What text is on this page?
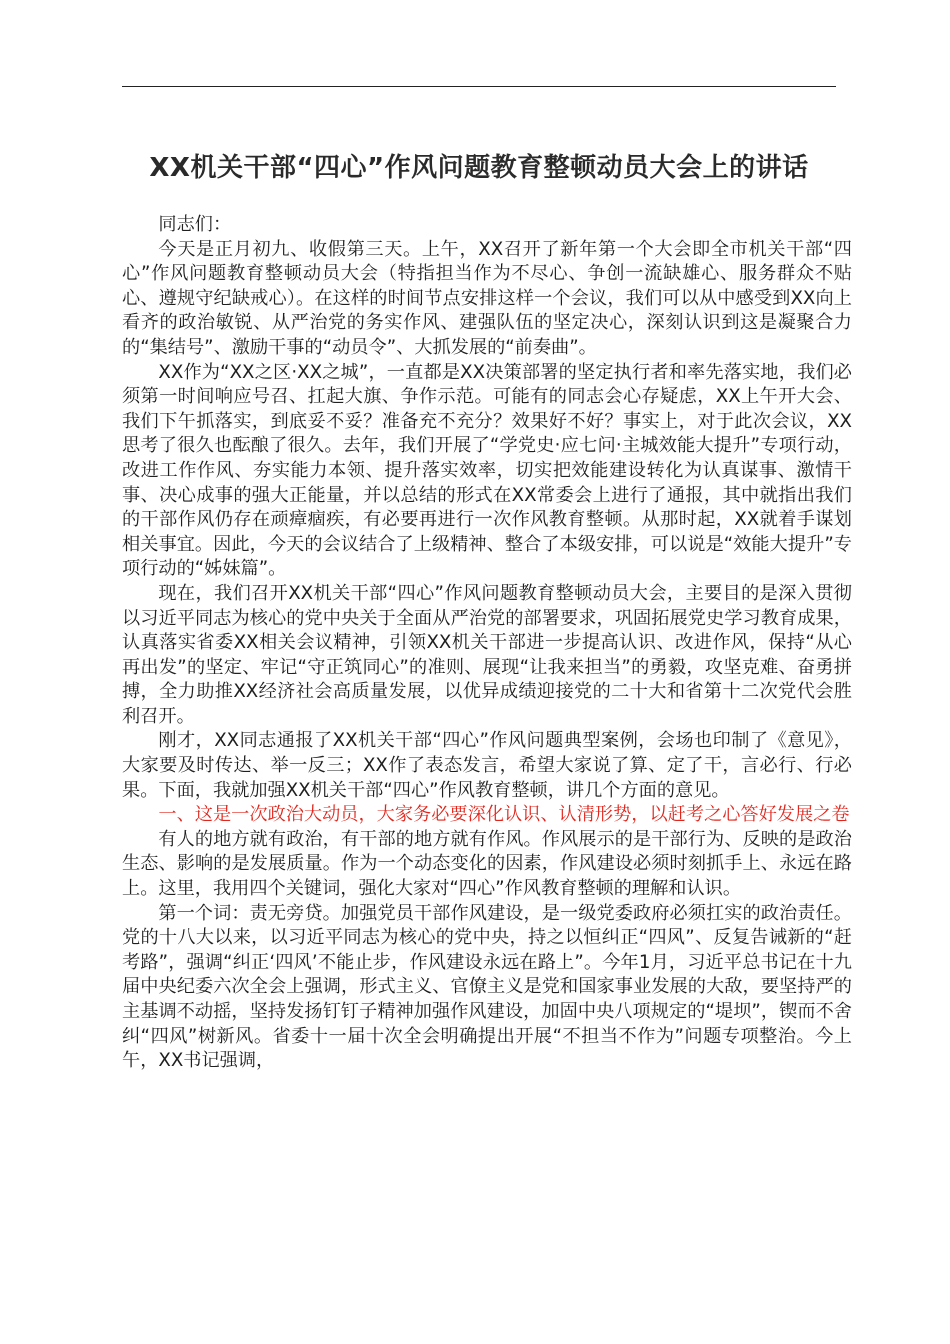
XX机关干部“四心”作风问题教育整顿动员大会上的讲话

同志们：

今天是正月初九、收假第三天。上午，XX召开了新年第一个大会即全市机关干部“四心”作风问题教育整顿动员大会（特指担当作为不尽心、争创一流缺雄心、服务群众不贴心、遵规守纪缺戒心）。在这样的时间节点安排这样一个会议，我们可以从中感受到XX向上看齐的政治敏锐、从严治党的务实作风、建强队伍的坚定决心，深刻认识到这是凝聚合力的“集结号”、激励干事的“动员令”、大抓发展的“前奏曲”。

XX作为“XX之区·XX之城”，一直都是XX决策部署的坚定执行者和率先落实地，我们必须第一时间响应号召、扛起大旗、争作示范。可能有的同志会心存疑虑，XX上午开大会、我们下午抓落实，到底妥不妥？准备充不充分？效果好不好？事实上，对于此次会议，XX思考了很久也酝酿了很久。去年，我们开展了“学党史·应七问·主城效能大提升”专项行动，改进工作作风、夯实能力本领、提升落实效率，切实把效能建设转化为认真谋事、激情干事、决心成事的强大正能量，并以总结的形式在XX常委会上进行了通报，其中就指出我们的干部作风仍存在顽瘴痼疾，有必要再进行一次作风教育整顿。从那时起，XX就着手谋划相关事宜。因此，今天的会议结合了上级精神、整合了本级安排，可以说是“效能大提升”专项行动的“姊妹篇”。

现在，我们召开XX机关干部“四心”作风问题教育整顿动员大会，主要目的是深入贯彻以习近平同志为核心的党中央关于全面从严治党的部署要求，巩固拓展党史学习教育成果，认真落实省委XX相关会议精神，引领XX机关干部进一步提高认识、改进作风，保持“从心再出发”的坚定、牢记“守正筑同心”的准则、展现“让我来担当”的勇毅，攻坚克难、奋勇拼搏，全力助推XX经济社会高质量发展，以优异成绩迎接党的二十大和省第十二次党代会胜利召开。

刚才，XX同志通报了XX机关干部“四心”作风问题典型案例，会场也印制了《意见》，大家要及时传达、举一反三；XX作了表态发言，希望大家说了算、定了干，言必行、行必果。下面，我就加强XX机关干部“四心”作风教育整顿，讲几个方面的意见。

一、这是一次政治大动员，大家务必要深化认识、认清形势，以赶考之心答好发展之卷

有人的地方就有政治，有干部的地方就有作风。作风展示的是干部行为、反映的是政治生态、影响的是发展质量。作为一个动态变化的因素，作风建设必须时刻抓手上、永远在路上。这里，我用四个关键词，强化大家对“四心”作风教育整顿的理解和认识。

第一个词：责无旁贷。加强党员干部作风建设，是一级党委政府必须扛实的政治责任。党的十八大以来，以习近平同志为核心的党中央，持之以恒纠正“四风”、反复告诫新的“赶考路”，强调“纠正‘四风’不能止步，作风建设永远在路上”。今年1月，习近平总书记在十九届中央纪委六次全会上强调，形式主义、官僚主义是党和国家事业发展的大敌，要坚持严的主基调不动摇，坚持发扬钉钉子精神加强作风建设，加固中央八项规定的“堤坝”，锲而不舍纠“四风”树新风。省委十一届十次全会明确提出开展“不担当不作为”问题专项整治。今上午，XX书记强调，
